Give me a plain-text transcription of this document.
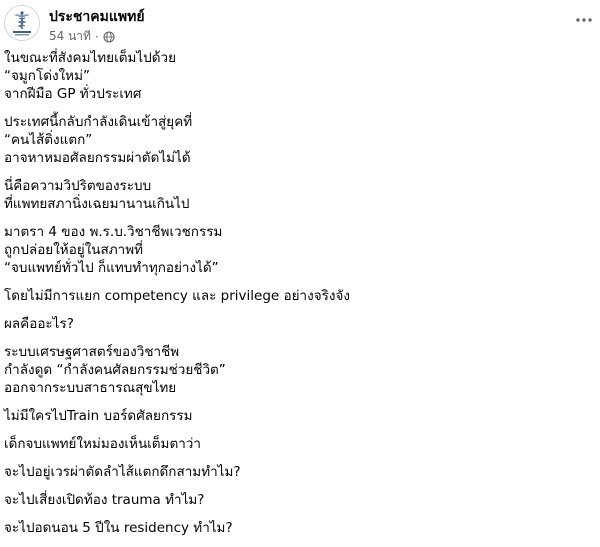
ประชาคมแพทย์
54 นาที ·
ในขณะที่สังคมไทยเต็มไปด้วย
“จมูกโด่งใหม่”
จากฝีมือ GP ทั่วประเทศ
ประเทศนี้กลับกำลังเดินเข้าสู่ยุคที่
“คนไส้ติ่งแตก”
อาจหาหมอศัลยกรรมผ่าตัดไม่ได้
นี่คือความวิปริตของระบบ
ที่แพทยสภานิ่งเฉยมานานเกินไป
มาตรา 4 ของ พ.ร.บ.วิชาชีพเวชกรรม
ถูกปล่อยให้อยู่ในสภาพที่
“จบแพทย์ทั่วไป ก็แทบทำทุกอย่างได้”
โดยไม่มีการแยก competency และ privilege อย่างจริงจัง
ผลคืออะไร?
ระบบเศรษฐศาสตร์ของวิชาชีพ
กำลังดูด “กำลังคนศัลยกรรมช่วยชีวิต”
ออกจากระบบสาธารณสุขไทย
ไม่มีใครไปTrain บอร์ดศัลยกรรม
เด็กจบแพทย์ใหม่มองเห็นเต็มตาว่า
จะไปอยู่เวรผ่าตัดลำไส้แตกดึกสามทำไม?
จะไปเสี่ยงเปิดท้อง trauma ทำไม?
จะไปอดนอน 5 ปีใน residency ทำไม?
